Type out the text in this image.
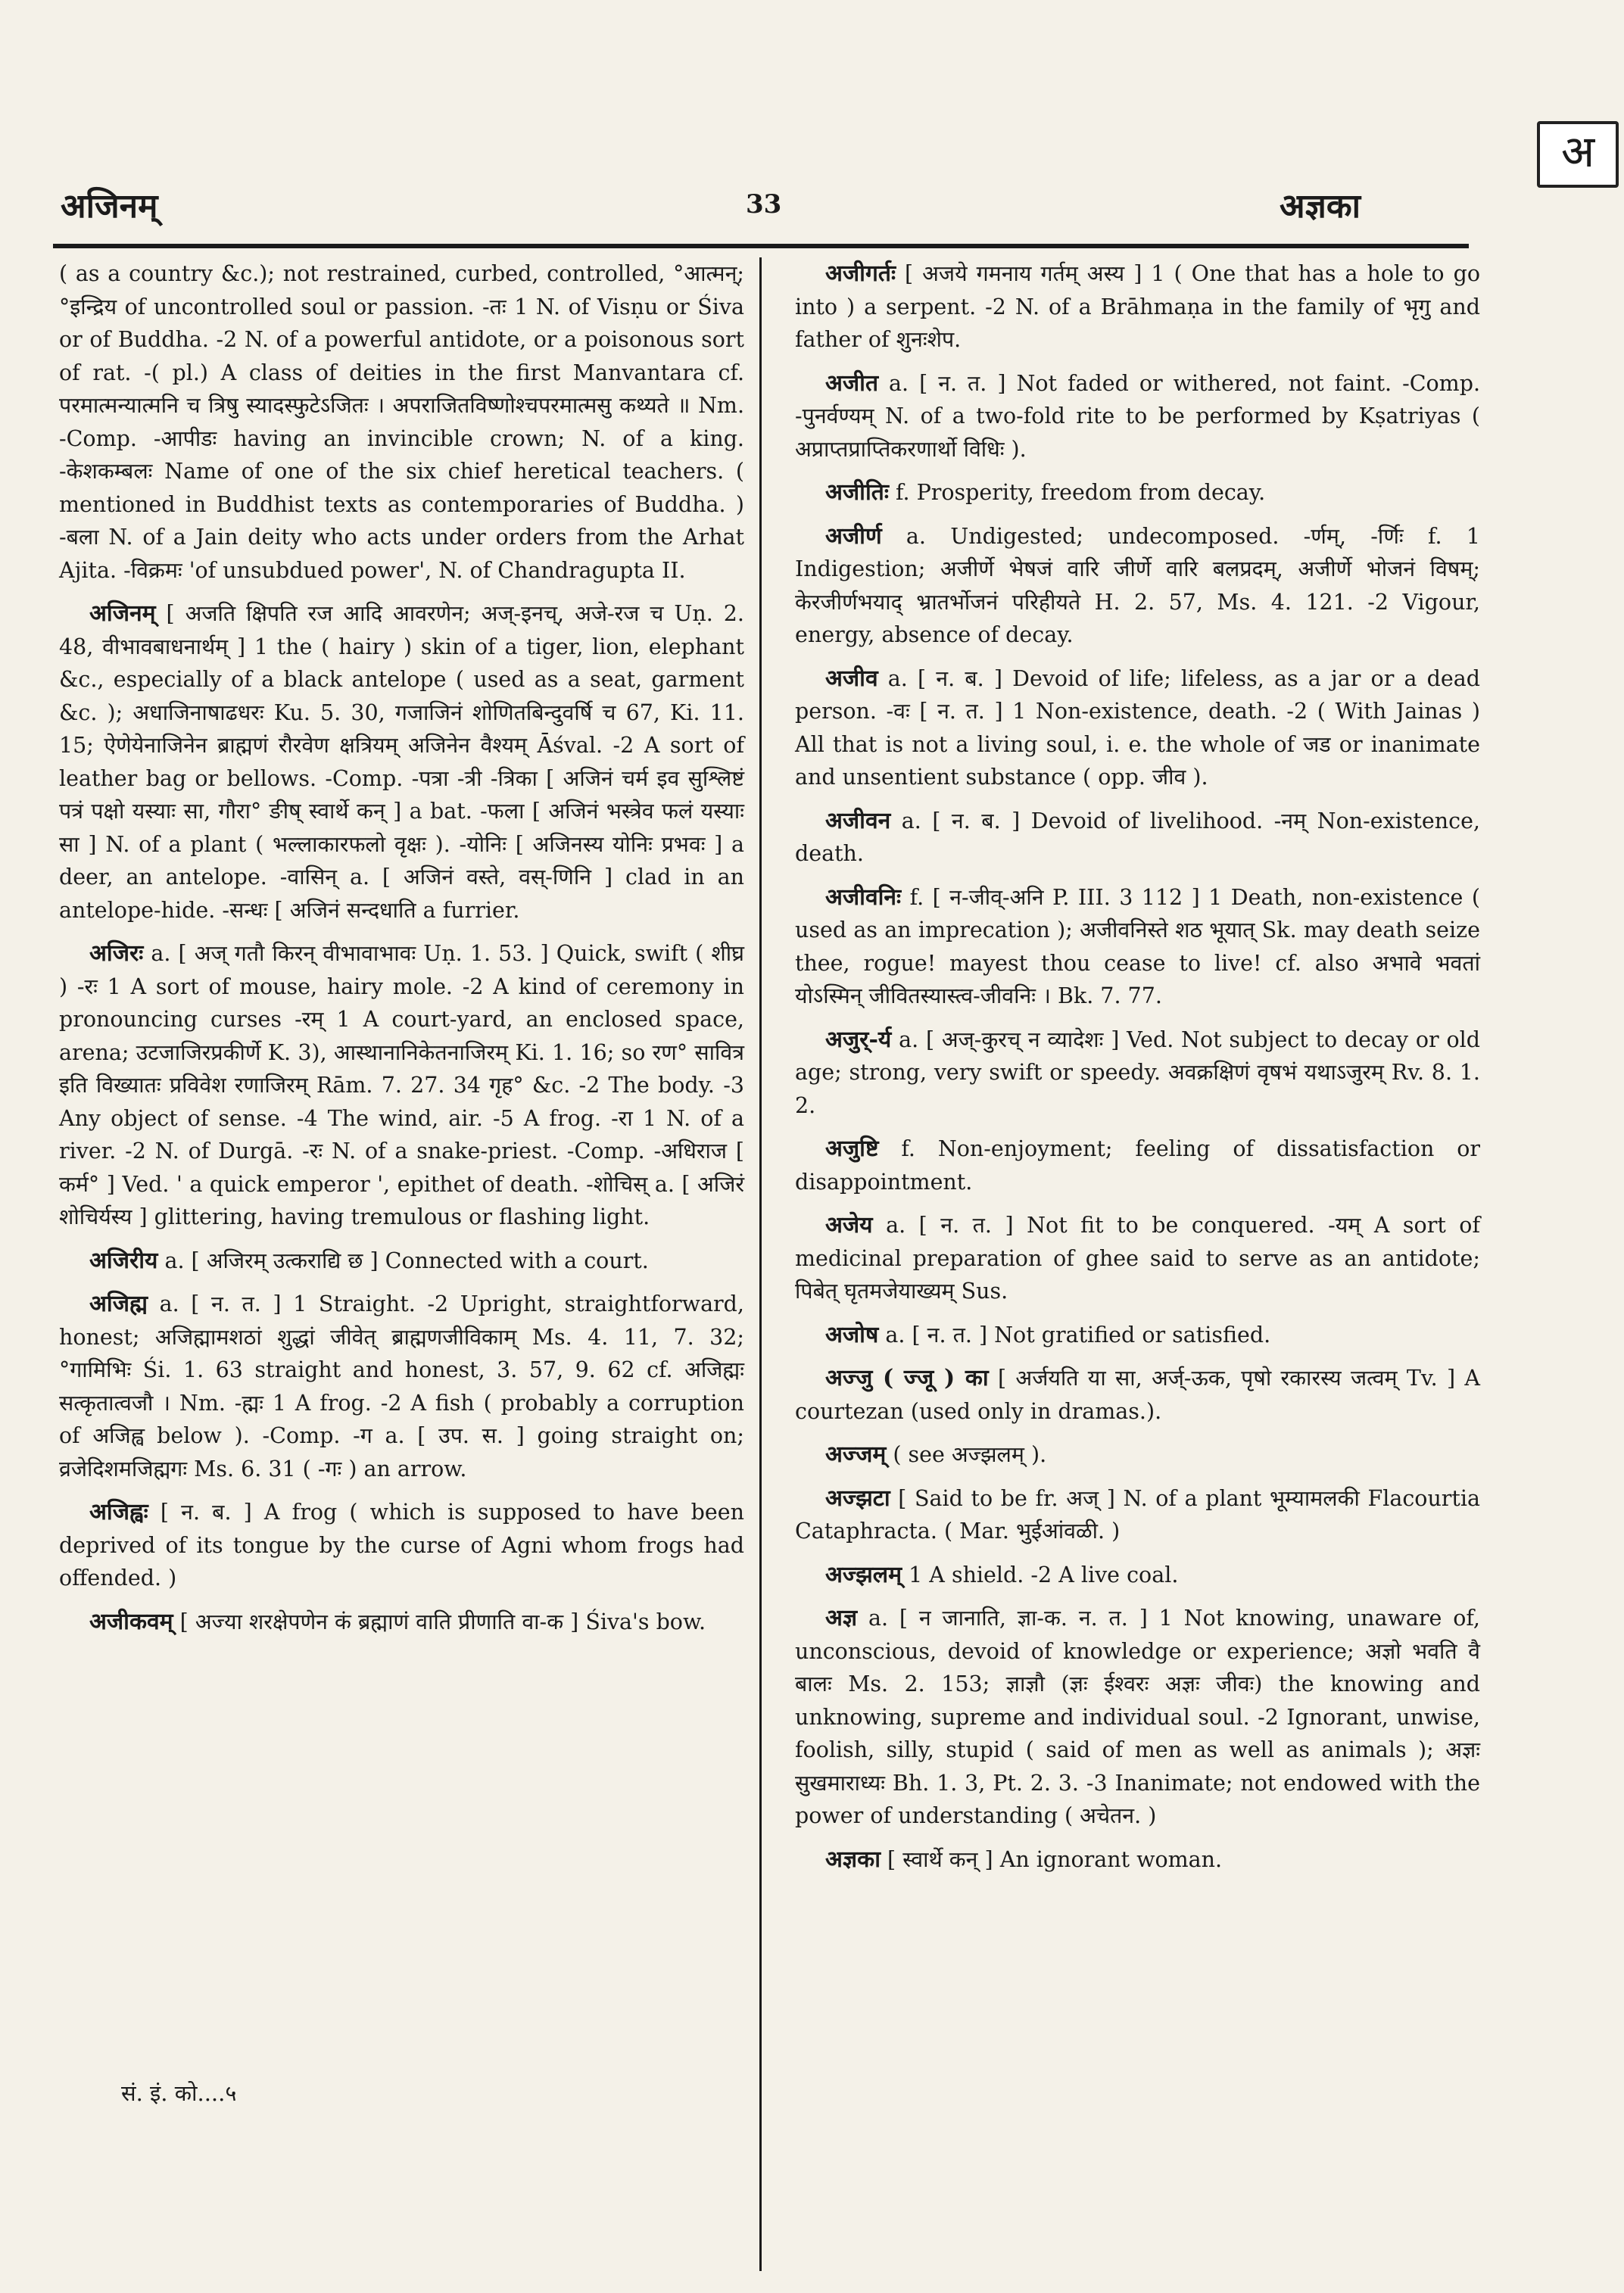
अ
अजिनम्	33	अज्ञका

( as a country &c.); not restrained, curbed, controlled, °आत्मन्; °इन्द्रिय of uncontrolled soul or passion. -तः 1 N. of Visṇu or Śiva or of Buddha. -2 N. of a powerful antidote, or a poisonous sort of rat. -( pl.) A class of deities in the first Manvantara cf. परमात्मन्यात्मनि च त्रिषु स्यादस्फुटेऽजितः । अपराजितविष्णोश्चपरमात्मसु कथ्यते ॥ Nm. -Comp. -आपीडः having an invincible crown; N. of a king. -केशकम्बलः Name of one of the six chief heretical teachers. ( mentioned in Buddhist texts as contemporaries of Buddha. ) -बला N. of a Jain deity who acts under orders from the Arhat Ajita. -विक्रमः 'of unsubdued power', N. of Chandragupta II.

अजिनम् [ अजति क्षिपति रज आदि आवरणेन; अज्-इनच्, अजे-रज च Uṇ. 2. 48, वीभावबाधनार्थम् ] 1 the ( hairy ) skin of a tiger, lion, elephant &c., especially of a black antelope ( used as a seat, garment &c. ); अधाजिनाषाढधरः Ku. 5. 30, गजाजिनं शोणितबिन्दुवर्षि च 67, Ki. 11. 15; ऐणेयेनाजिनेन ब्राह्मणं रौरवेण क्षत्रियम् अजिनेन वैश्यम् Āśval. -2 A sort of leather bag or bellows. -Comp. -पत्रा -त्री -त्रिका [ अजिनं चर्म इव सुश्लिष्टं पत्रं पक्षो यस्याः सा, गौरा° ङीष् स्वार्थे कन् ] a bat. -फला [ अजिनं भस्त्रेव फलं यस्याः सा ] N. of a plant ( भल्लाकारफलो वृक्षः ). -योनिः [ अजिनस्य योनिः प्रभवः ] a deer, an antelope. -वासिन् a. [ अजिनं वस्ते, वस्-णिनि ] clad in an antelope-hide. -सन्धः [ अजिनं सन्दधाति a furrier.

अजिरः a. [ अज् गतौ किरन् वीभावाभावः Uṇ. 1. 53. ] Quick, swift ( शीघ्र ) -रः 1 A sort of mouse, hairy mole. -2 A kind of ceremony in pronouncing curses -रम् 1 A court-yard, an enclosed space, arena; उटजाजिरप्रकीर्णे K. 3), आस्थानानिकेतनाजिरम् Ki. 1. 16; so रण° सावित्र इति विख्यातः प्रविवेश रणाजिरम् Rām. 7. 27. 34 गृह° &c. -2 The body. -3 Any object of sense. -4 The wind, air. -5 A frog. -रा 1 N. of a river. -2 N. of Durgā. -रः N. of a snake-priest. -Comp. -अधिराज [ कर्म° ] Ved. ' a quick emperor ', epithet of death. -शोचिस् a. [ अजिरं शोचिर्यस्य ] glittering, having tremulous or flashing light.

अजिरीय a. [ अजिरम् उत्कराद्यि छ ] Connected with a court.

अजिह्म a. [ न. त. ] 1 Straight. -2 Upright, straightforward, honest; अजिह्मामशठां शुद्धां जीवेत् ब्राह्मणजीविकाम् Ms. 4. 11, 7. 32; °गामिभिः Śi. 1. 63 straight and honest, 3. 57, 9. 62 cf. अजिह्मः सत्कृतात्वजौ । Nm. -ह्मः 1 A frog. -2 A fish ( probably a corruption of अजिह्व below ). -Comp. -ग a. [ उप. स. ] going straight on; व्रजेदिशमजिह्मगः Ms. 6. 31 ( -गः ) an arrow.

अजिह्वः [ न. ब. ] A frog ( which is supposed to have been deprived of its tongue by the curse of Agni whom frogs had offended. )

अजीकवम् [ अज्या शरक्षेपणेन कं ब्रह्माणं वाति प्रीणाति वा-क ] Śiva's bow.

अजीगर्तः [ अजये गमनाय गर्तम् अस्य ] 1 ( One that has a hole to go into ) a serpent. -2 N. of a Brāhmaṇa in the family of भृगु and father of शुनःशेप.

अजीत a. [ न. त. ] Not faded or withered, not faint. -Comp. -पुनर्वण्यम् N. of a two-fold rite to be performed by Kṣatriyas ( अप्राप्तप्राप्तिकरणार्थो विधिः ).

अजीतिः f. Prosperity, freedom from decay.

अजीर्ण a. Undigested; undecomposed. -र्णम्, -र्णिः f. 1 Indigestion; अजीर्णे भेषजं वारि जीर्णे वारि बलप्रदम्, अजीर्णे भोजनं विषम्; केरजीर्णभयाद् भ्रातर्भोजनं परिहीयते H. 2. 57, Ms. 4. 121. -2 Vigour, energy, absence of decay.

अजीव a. [ न. ब. ] Devoid of life; lifeless, as a jar or a dead person. -वः [ न. त. ] 1 Non-existence, death. -2 ( With Jainas ) All that is not a living soul, i. e. the whole of जड or inanimate and unsentient substance ( opp. जीव ).

अजीवन a. [ न. ब. ] Devoid of livelihood. -नम् Non-existence, death.

अजीवनिः f. [ न-जीव्-अनि P. III. 3 112 ] 1 Death, non-existence ( used as an imprecation ); अजीवनिस्ते शठ भूयात् Sk. may death seize thee, rogue! mayest thou cease to live! cf. also अभावे भवतां योऽस्मिन् जीवितस्यास्त्व-जीवनिः । Bk. 7. 77.

अजुर्-र्य a. [ अज्-कुरच् न व्यादेशः ] Ved. Not subject to decay or old age; strong, very swift or speedy. अवक्रक्षिणं वृषभं यथाऽजुरम् Rv. 8. 1. 2.

अजुष्टि f. Non-enjoyment; feeling of dissatisfaction or disappointment.

अजेय a. [ न. त. ] Not fit to be conquered. -यम् A sort of medicinal preparation of ghee said to serve as an antidote; पिबेत् घृतमजेयाख्यम् Sus.

अजोष a. [ न. त. ] Not gratified or satisfied.

अज्जु ( ज्जू ) का [ अर्जयति या सा, अर्ज्-ऊक, पृषो रकारस्य जत्वम् Tv. ] A courtezan (used only in dramas.).

अज्जम् ( see अज्झलम् ).

अज्झटा [ Said to be fr. अज् ] N. of a plant भूम्यामलकी Flacourtia Cataphracta. ( Mar. भुईआंवळी. )

अज्झलम् 1 A shield. -2 A live coal.

अज्ञ a. [ न जानाति, ज्ञा-क. न. त. ] 1 Not knowing, unaware of, unconscious, devoid of knowledge or experience; अज्ञो भवति वै बालः Ms. 2. 153; ज्ञाज्ञौ (ज्ञः ईश्वरः अज्ञः जीवः) the knowing and unknowing, supreme and individual soul. -2 Ignorant, unwise, foolish, silly, stupid ( said of men as well as animals ); अज्ञः सुखमाराध्यः Bh. 1. 3, Pt. 2. 3. -3 Inanimate; not endowed with the power of understanding ( अचेतन. )

अज्ञका [ स्वार्थे कन् ] An ignorant woman.

सं. इं. को....५
